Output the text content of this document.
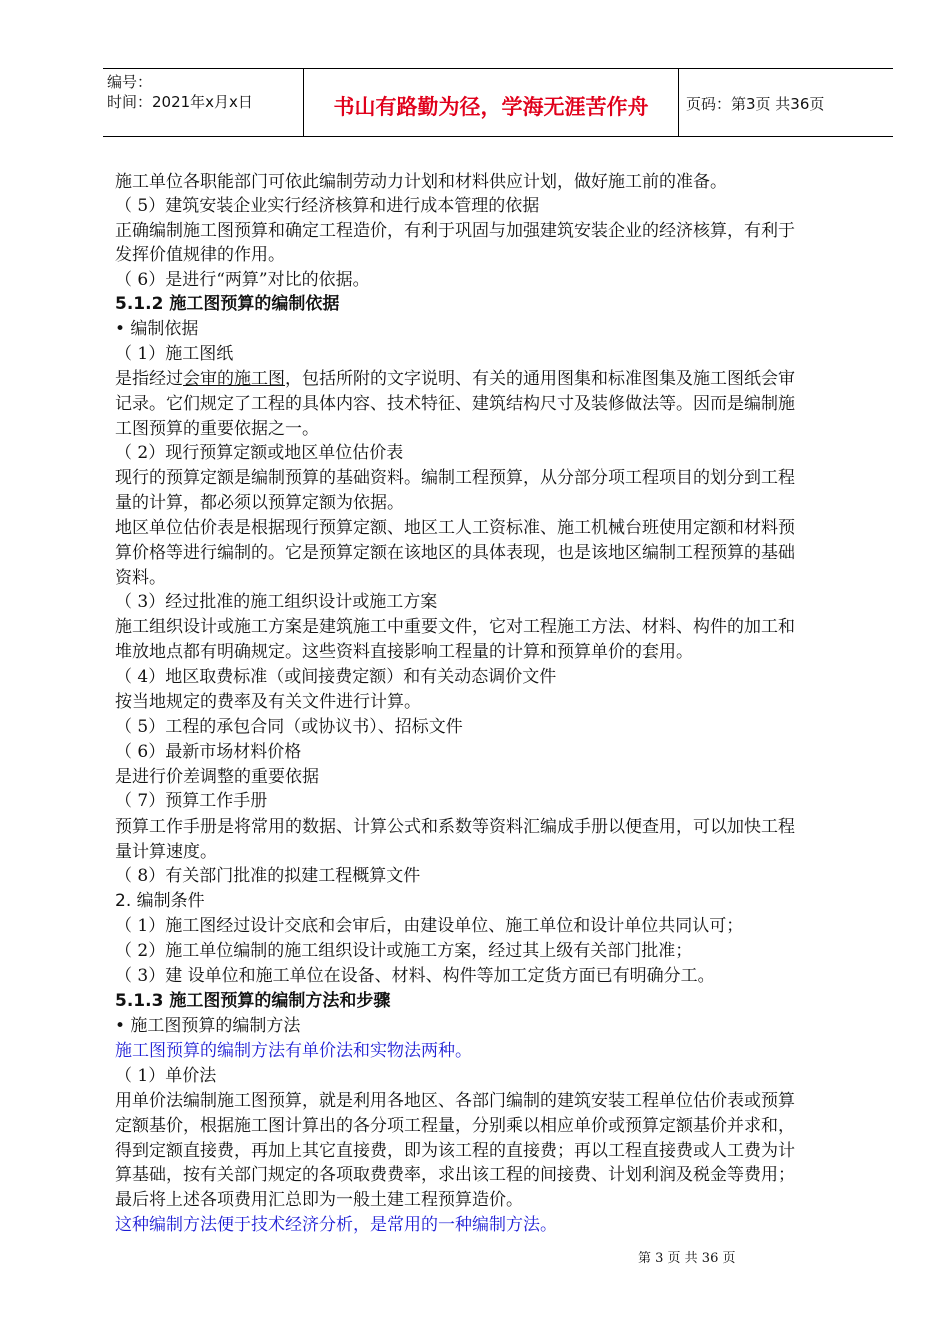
编号：
时间：2021年x月x日	书山有路勤为径，学海无涯苦作舟	页码：第3页 共36页
施工单位各职能部门可依此编制劳动力计划和材料供应计划，做好施工前的准备。
（ 5）建筑安装企业实行经济核算和进行成本管理的依据
正确编制施工图预算和确定工程造价，有利于巩固与加强建筑安装企业的经济核算，有利于
发挥价值规律的作用。
（ 6）是进行“两算”对比的依据。
5.1.2 施工图预算的编制依据
• 编制依据
（ 1）施工图纸
是指经过会审的施工图，包括所附的文字说明、有关的通用图集和标准图集及施工图纸会审
记录。它们规定了工程的具体内容、技术特征、建筑结构尺寸及装修做法等。因而是编制施
工图预算的重要依据之一。
（ 2）现行预算定额或地区单位估价表
现行的预算定额是编制预算的基础资料。编制工程预算，从分部分项工程项目的划分到工程
量的计算，都必须以预算定额为依据。
地区单位估价表是根据现行预算定额、地区工人工资标准、施工机械台班使用定额和材料预
算价格等进行编制的。它是预算定额在该地区的具体表现，也是该地区编制工程预算的基础
资料。
（ 3）经过批准的施工组织设计或施工方案
施工组织设计或施工方案是建筑施工中重要文件，它对工程施工方法、材料、构件的加工和
堆放地点都有明确规定。这些资料直接影响工程量的计算和预算单价的套用。
（ 4）地区取费标准（或间接费定额）和有关动态调价文件
按当地规定的费率及有关文件进行计算。
（ 5）工程的承包合同（或协议书）、招标文件
（ 6）最新市场材料价格
是进行价差调整的重要依据
（ 7）预算工作手册
预算工作手册是将常用的数据、计算公式和系数等资料汇编成手册以便查用，可以加快工程
量计算速度。
（ 8）有关部门批准的拟建工程概算文件
2. 编制条件
（ 1）施工图经过设计交底和会审后，由建设单位、施工单位和设计单位共同认可；
（ 2）施工单位编制的施工组织设计或施工方案，经过其上级有关部门批准；
（ 3）建 设单位和施工单位在设备、材料、构件等加工定货方面已有明确分工。
5.1.3 施工图预算的编制方法和步骤
• 施工图预算的编制方法
施工图预算的编制方法有单价法和实物法两种。
（ 1）单价法
用单价法编制施工图预算，就是利用各地区、各部门编制的建筑安装工程单位估价表或预算
定额基价，根据施工图计算出的各分项工程量，分别乘以相应单价或预算定额基价并求和，
得到定额直接费，再加上其它直接费，即为该工程的直接费；再以工程直接费或人工费为计
算基础，按有关部门规定的各项取费费率，求出该工程的间接费、计划利润及税金等费用；
最后将上述各项费用汇总即为一般土建工程预算造价。
这种编制方法便于技术经济分析，是常用的一种编制方法。
第 3 页 共 36 页
